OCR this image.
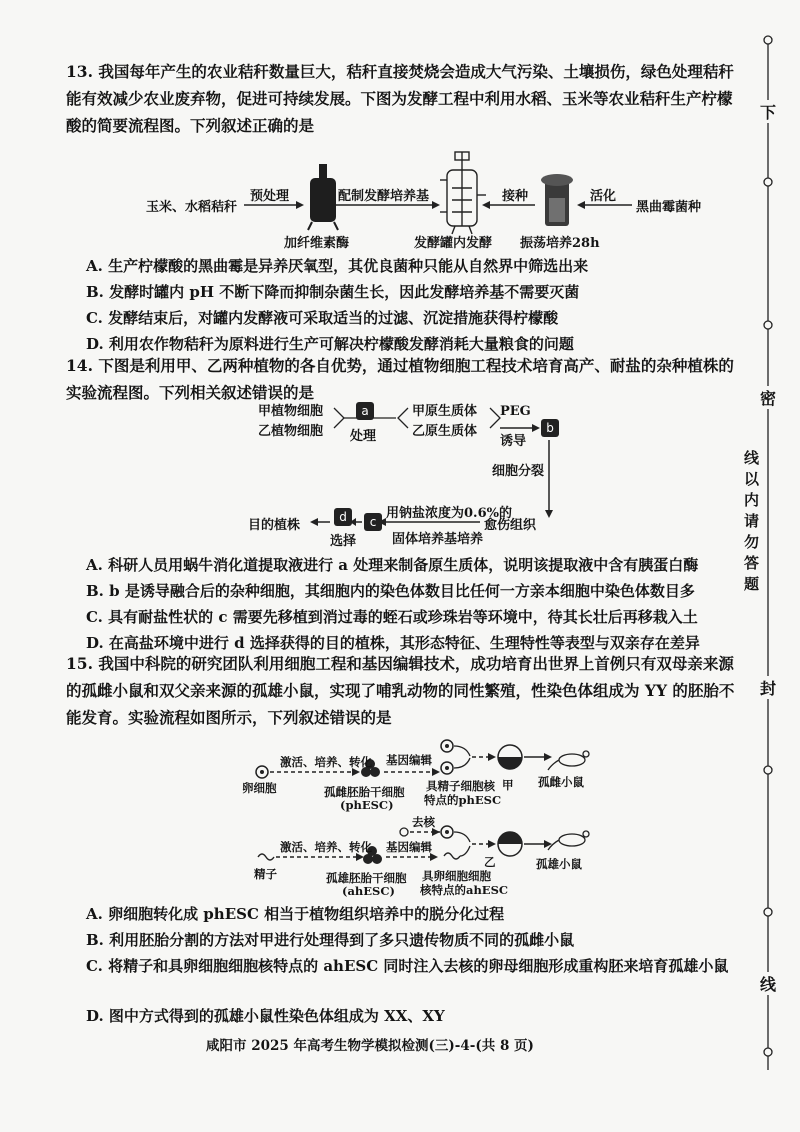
13. 我国每年产生的农业秸秆数量巨大，秸秆直接焚烧会造成大气污染、土壤损伤，绿色处理秸秆能有效减少农业废弃物，促进可持续发展。下图为发酵工程中利用水稻、玉米等农业秸秆生产柠檬酸的简要流程图。下列叙述正确的是
玉米、水稻秸秆
预处理
加纤维素酶
配制发酵培养基
发酵罐内发酵
接种
振荡培养28h
活化
黑曲霉菌种
A. 生产柠檬酸的黑曲霉是异养厌氧型，其优良菌种只能从自然界中筛选出来
B. 发酵时罐内 pH 不断下降而抑制杂菌生长，因此发酵培养基不需要灭菌
C. 发酵结束后，对罐内发酵液可采取适当的过滤、沉淀措施获得柠檬酸
D. 利用农作物秸秆为原料进行生产可解决柠檬酸发酵消耗大量粮食的问题
14. 下图是利用甲、乙两种植物的各自优势，通过植物细胞工程技术培育高产、耐盐的杂种植株的实验流程图。下列相关叙述错误的是
甲植物细胞
乙植物细胞
a
处理
甲原生质体
乙原生质体
PEG
诱导
b
细胞分裂
愈伤组织
用钠盐浓度为0.6%的
固体培养基培养
c
d
选择
目的植株
A. 科研人员用蜗牛消化道提取液进行 a 处理来制备原生质体，说明该提取液中含有胰蛋白酶
B. b 是诱导融合后的杂种细胞，其细胞内的染色体数目比任何一方亲本细胞中染色体数目多
C. 具有耐盐性状的 c 需要先移植到消过毒的蛭石或珍珠岩等环境中，待其长壮后再移栽入土
D. 在高盐环境中进行 d 选择获得的目的植株，其形态特征、生理特性等表型与双亲存在差异
15. 我国中科院的研究团队利用细胞工程和基因编辑技术，成功培育出世界上首例只有双母亲来源的孤雌小鼠和双父亲来源的孤雄小鼠，实现了哺乳动物的同性繁殖，性染色体组成为 YY 的胚胎不能发育。实验流程如图所示，下列叙述错误的是
激活、培养、转化 基因编辑
卵细胞	孤雌胚胎干细胞
(phESC)
具精子细胞核
特点的phESC
甲 孤雌小鼠
去核
激活、培养、转化 基因编辑
精子	孤雄胚胎干细胞
(ahESC)
具卵细胞细胞
核特点的ahESC
乙	孤雄小鼠
A. 卵细胞转化成 phESC 相当于植物组织培养中的脱分化过程
B. 利用胚胎分割的方法对甲进行处理得到了多只遗传物质不同的孤雌小鼠
C. 将精子和具卵细胞细胞核特点的 ahESC 同时注入去核的卵母细胞形成重构胚来培育孤雄小鼠
D. 图中方式得到的孤雄小鼠性染色体组成为 XX、XY
咸阳市 2025 年高考生物学模拟检测(三)-4-(共 8 页)
下
密
线以内请勿答题
封
线
